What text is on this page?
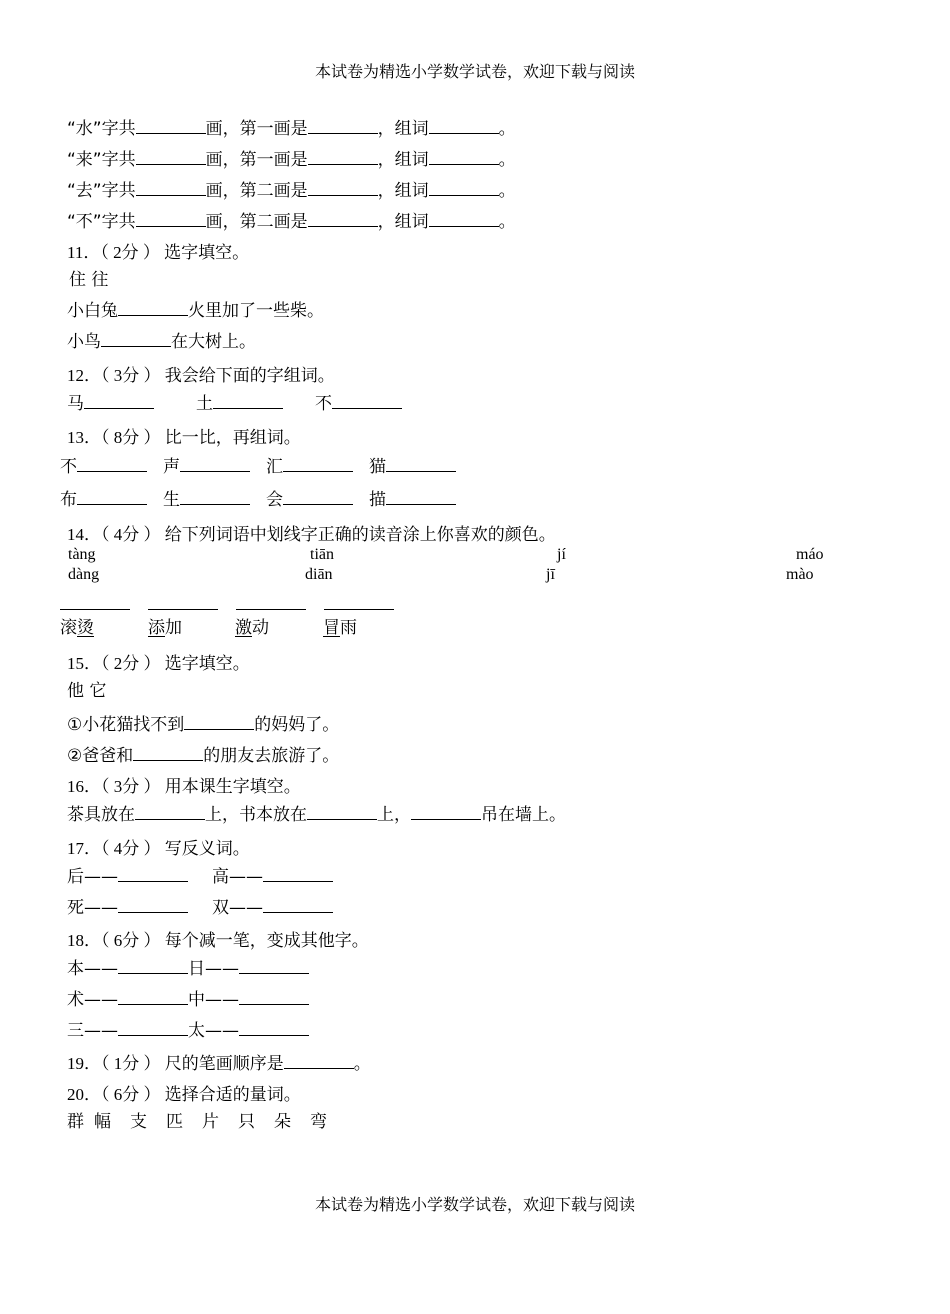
本试卷为精选小学数学试卷，欢迎下载与阅读
“水”字共	画，第一画是	，组词	。
“来”字共	画，第一画是	，组词	。
“去”字共	画，第二画是	，组词	。
“不”字共	画，第二画是	，组词	。
11．（ 2分 ） 选字填空。
住 往
小白兔	火里加了一些柴。
小鸟	在大树上。
12．（ 3分 ） 我会给下面的字组词。
马	土	不
13．（ 8分 ） 比一比，再组词。
不	声	汇	猫
布	生	会	描
14．（ 4分 ） 给下列词语中划线字正确的读音涂上你喜欢的颜色。
tàng	tiān	jí	máo
dàng	diān	jī	mào
滚烫	添加	激动	冒雨
15．（ 2分 ） 选字填空。
他 它
①小花猫找不到	的妈妈了。
②爸爸和	的朋友去旅游了。
16．（ 3分 ） 用本课生字填空。
茶具放在	上，书本放在	上，	吊在墙上。
17．（ 4分 ） 写反义词。
后——	高——
死——	双——
18．（ 6分 ） 每个减一笔，变成其他字。
本——	日——
术——	中——
三——	太——
19．（ 1分 ） 尺的笔画顺序是	。
20．（ 6分 ） 选择合适的量词。
群 幅 支 匹 片 只 朵 弯
本试卷为精选小学数学试卷，欢迎下载与阅读
